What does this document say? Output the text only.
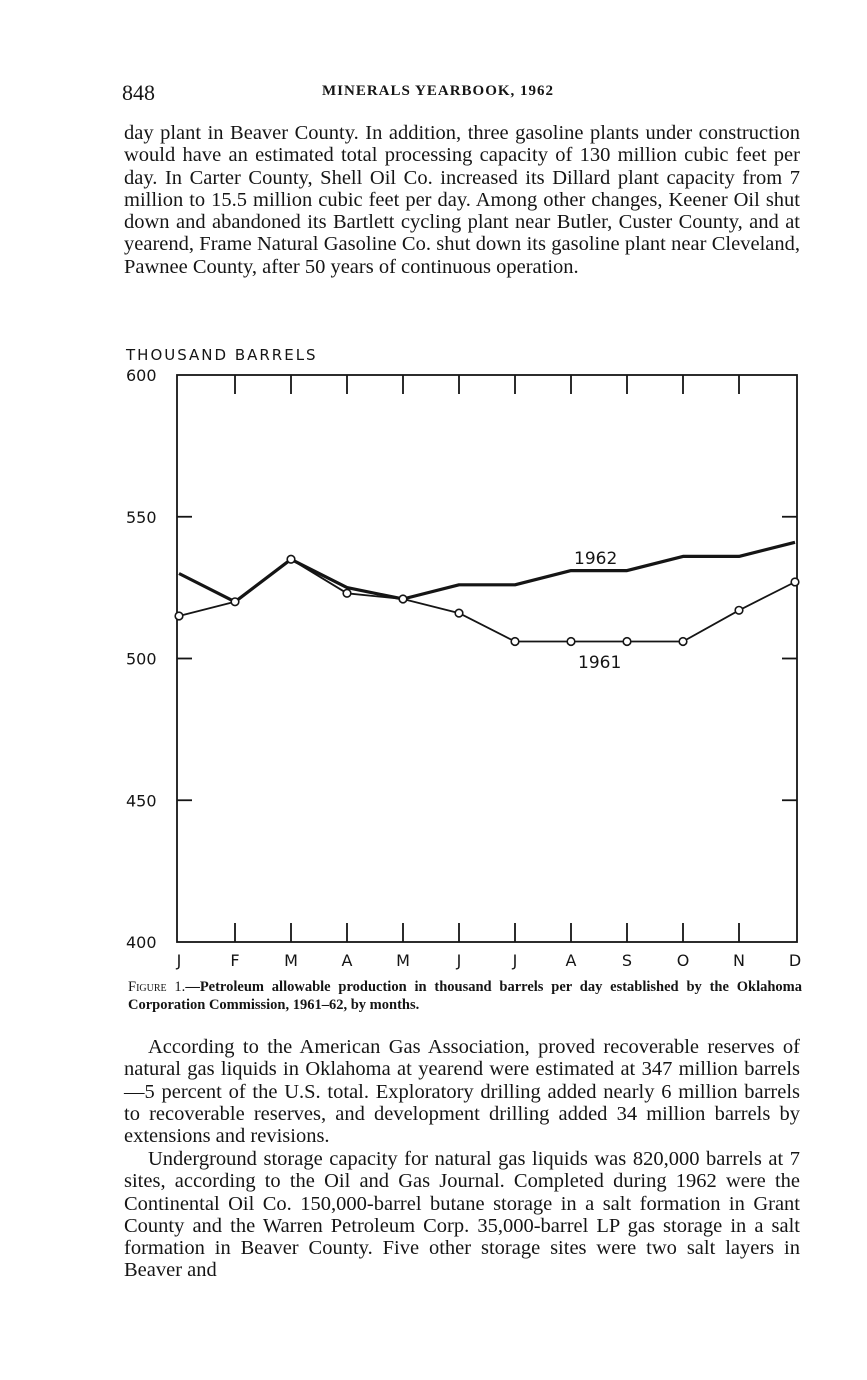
848	MINERALS YEARBOOK, 1962

day plant in Beaver County. In addition, three gasoline plants under construction would have an estimated total processing capacity of 130 million cubic feet per day. In Carter County, Shell Oil Co. increased its Dillard plant capacity from 7 million to 15.5 million cubic feet per day. Among other changes, Keener Oil shut down and abandoned its Bartlett cycling plant near Butler, Custer County, and at yearend, Frame Natural Gasoline Co. shut down its gasoline plant near Cleveland, Pawnee County, after 50 years of continuous operation.

THOUSAND BARRELS
400
450
500
550
600
J	F	M	A	M	J	J	A	S	O	N	D
1962
1961

Figure 1.—Petroleum allowable production in thousand barrels per day established by the Oklahoma Corporation Commission, 1961–62, by months.

According to the American Gas Association, proved recoverable reserves of natural gas liquids in Oklahoma at yearend were estimated at 347 million barrels—5 percent of the U.S. total. Exploratory drilling added nearly 6 million barrels to recoverable reserves, and development drilling added 34 million barrels by extensions and revisions.

Underground storage capacity for natural gas liquids was 820,000 barrels at 7 sites, according to the Oil and Gas Journal. Completed during 1962 were the Continental Oil Co. 150,000-barrel butane storage in a salt formation in Grant County and the Warren Petroleum Corp. 35,000-barrel LP gas storage in a salt formation in Beaver County. Five other storage sites were two salt layers in Beaver and
